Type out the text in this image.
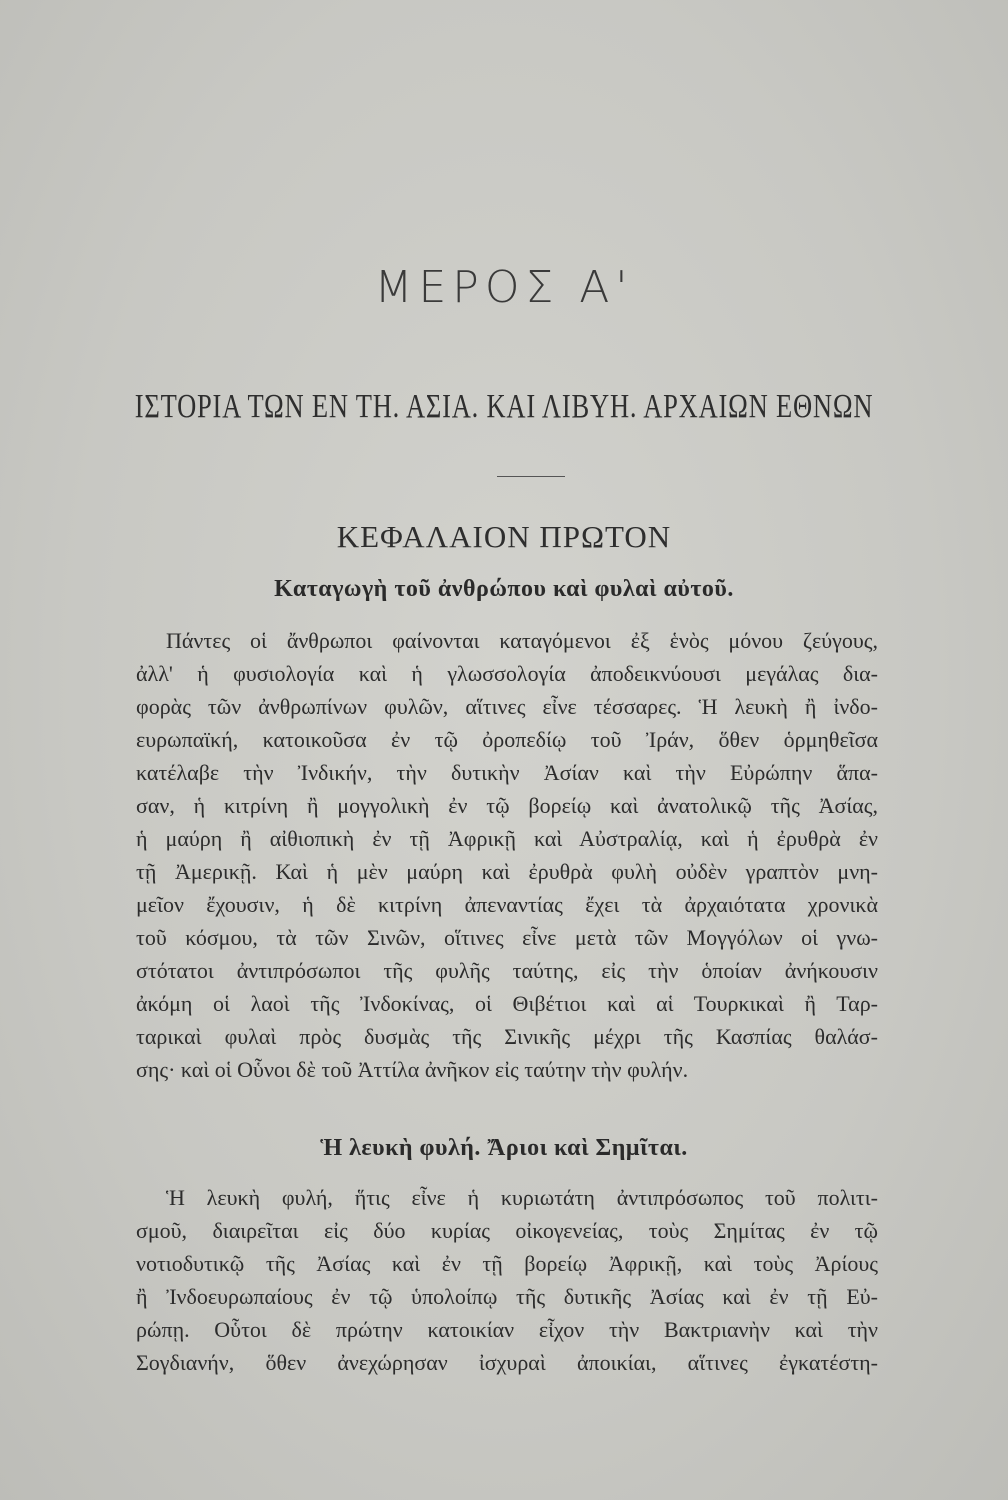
ΜΕΡΟΣ Α'
ΙΣΤΟΡΙΑ ΤΩΝ ΕΝ ΤΗ. ΑΣΙΑ. ΚΑΙ ΛΙΒΥΗ. ΑΡΧΑΙΩΝ ΕΘΝΩΝ
ΚΕΦΑΛΑΙΟΝ ΠΡΩΤΟΝ
Καταγωγὴ τοῦ ἀνθρώπου καὶ φυλαὶ αὐτοῦ.
Πάντες οἱ ἄνθρωποι φαίνονται καταγόμενοι ἐξ ἑνὸς μόνου ζεύγους,
ἀλλ' ἡ φυσιολογία καὶ ἡ γλωσσολογία ἀποδεικνύουσι μεγάλας δια-
φορὰς τῶν ἀνθρωπίνων φυλῶν, αἵτινες εἶνε τέσσαρες. Ἡ λευκὴ ἢ ἰνδο-
ευρωπαϊκή, κατοικοῦσα ἐν τῷ ὀροπεδίῳ τοῦ Ἰράν, ὅθεν ὁρμηθεῖσα
κατέλαβε τὴν Ἰνδικήν, τὴν δυτικὴν Ἀσίαν καὶ τὴν Εὐρώπην ἅπα-
σαν, ἡ κιτρίνη ἢ μογγολικὴ ἐν τῷ βορείῳ καὶ ἀνατολικῷ τῆς Ἀσίας,
ἡ μαύρη ἢ αἰθιοπικὴ ἐν τῇ Ἀφρικῇ καὶ Αὐστραλίᾳ, καὶ ἡ ἐρυθρὰ ἐν
τῇ Ἀμερικῇ. Καὶ ἡ μὲν μαύρη καὶ ἐρυθρὰ φυλὴ οὐδὲν γραπτὸν μνη-
μεῖον ἔχουσιν, ἡ δὲ κιτρίνη ἀπεναντίας ἔχει τὰ ἀρχαιότατα χρονικὰ
τοῦ κόσμου, τὰ τῶν Σινῶν, οἵτινες εἶνε μετὰ τῶν Μογγόλων οἱ γνω-
στότατοι ἀντιπρόσωποι τῆς φυλῆς ταύτης, εἰς τὴν ὁποίαν ἀνήκουσιν
ἀκόμη οἱ λαοὶ τῆς Ἰνδοκίνας, οἱ Θιβέτιοι καὶ αἱ Τουρκικαὶ ἢ Ταρ-
ταρικαὶ φυλαὶ πρὸς δυσμὰς τῆς Σινικῆς μέχρι τῆς Κασπίας θαλάσ-
σης· καὶ οἱ Οὗνοι δὲ τοῦ Ἀττίλα ἀνῆκον εἰς ταύτην τὴν φυλήν.
Ἡ λευκὴ φυλή. Ἄριοι καὶ Σημῖται.
Ἡ λευκὴ φυλή, ἥτις εἶνε ἡ κυριωτάτη ἀντιπρόσωπος τοῦ πολιτι-
σμοῦ, διαιρεῖται εἰς δύο κυρίας οἰκογενείας, τοὺς Σημίτας ἐν τῷ
νοτιοδυτικῷ τῆς Ἀσίας καὶ ἐν τῇ βορείῳ Ἀφρικῇ, καὶ τοὺς Ἀρίους
ἢ Ἰνδοευρωπαίους ἐν τῷ ὑπολοίπῳ τῆς δυτικῆς Ἀσίας καὶ ἐν τῇ Εὐ-
ρώπῃ. Οὗτοι δὲ πρώτην κατοικίαν εἶχον τὴν Βακτριανὴν καὶ τὴν
Σογδιανήν, ὅθεν ἀνεχώρησαν ἰσχυραὶ ἀποικίαι, αἵτινες ἐγκατέστη-
